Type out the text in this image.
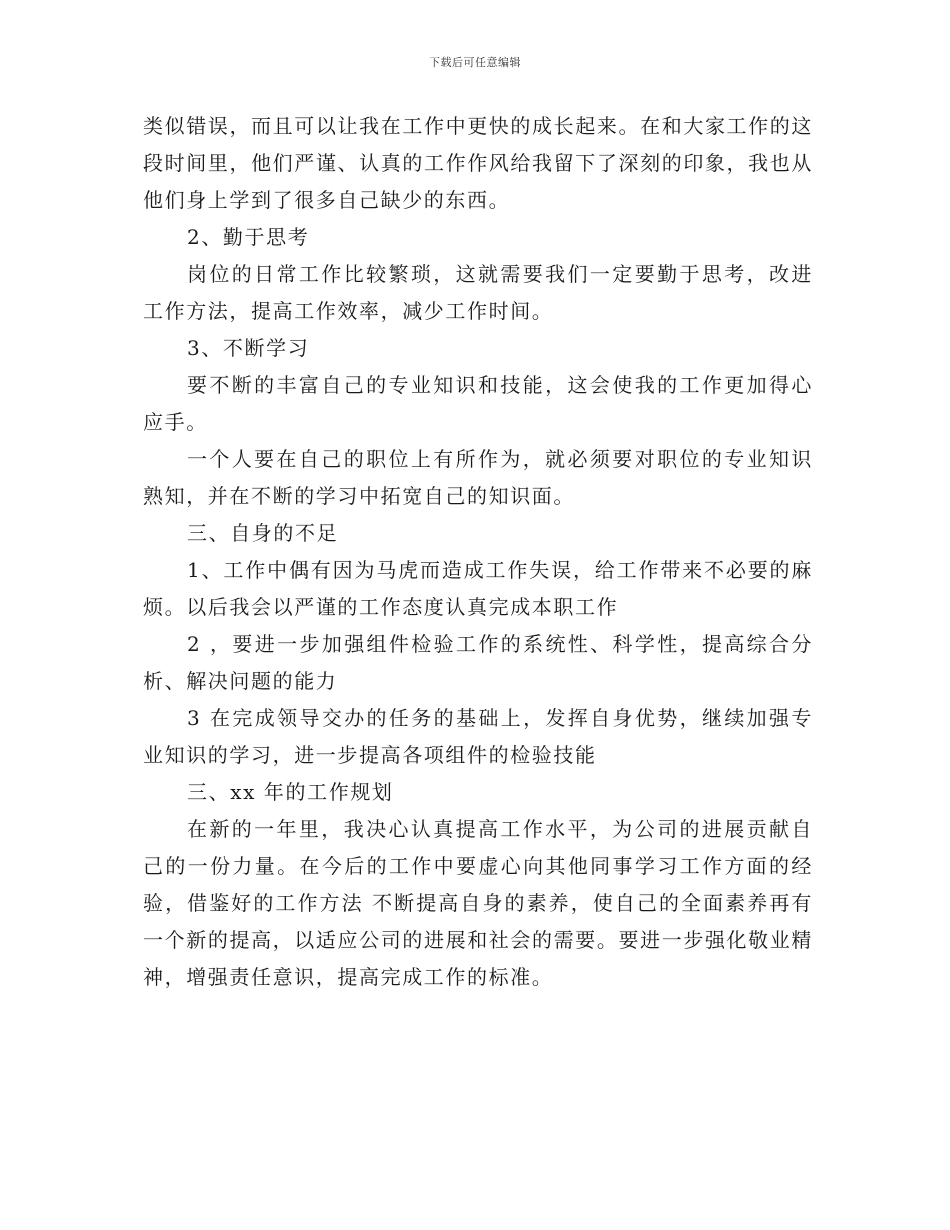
下载后可任意编辑

类似错误，而且可以让我在工作中更快的成长起来。在和大家工作的这段时间里，他们严谨、认真的工作作风给我留下了深刻的印象，我也从他们身上学到了很多自己缺少的东西。

2、勤于思考

岗位的日常工作比较繁琐，这就需要我们一定要勤于思考，改进工作方法，提高工作效率，减少工作时间。

3、不断学习

要不断的丰富自己的专业知识和技能，这会使我的工作更加得心应手。

一个人要在自己的职位上有所作为，就必须要对职位的专业知识熟知，并在不断的学习中拓宽自己的知识面。

三、自身的不足

1、工作中偶有因为马虎而造成工作失误，给工作带来不必要的麻烦。以后我会以严谨的工作态度认真完成本职工作

2 ，要进一步加强组件检验工作的系统性、科学性，提高综合分析、解决问题的能力

3 在完成领导交办的任务的基础上，发挥自身优势，继续加强专业知识的学习，进一步提高各项组件的检验技能

三、xx 年的工作规划

在新的一年里，我决心认真提高工作水平，为公司的进展贡献自己的一份力量。在今后的工作中要虚心向其他同事学习工作方面的经验，借鉴好的工作方法 不断提高自身的素养，使自己的全面素养再有一个新的提高，以适应公司的进展和社会的需要。要进一步强化敬业精神，增强责任意识，提高完成工作的标准。
